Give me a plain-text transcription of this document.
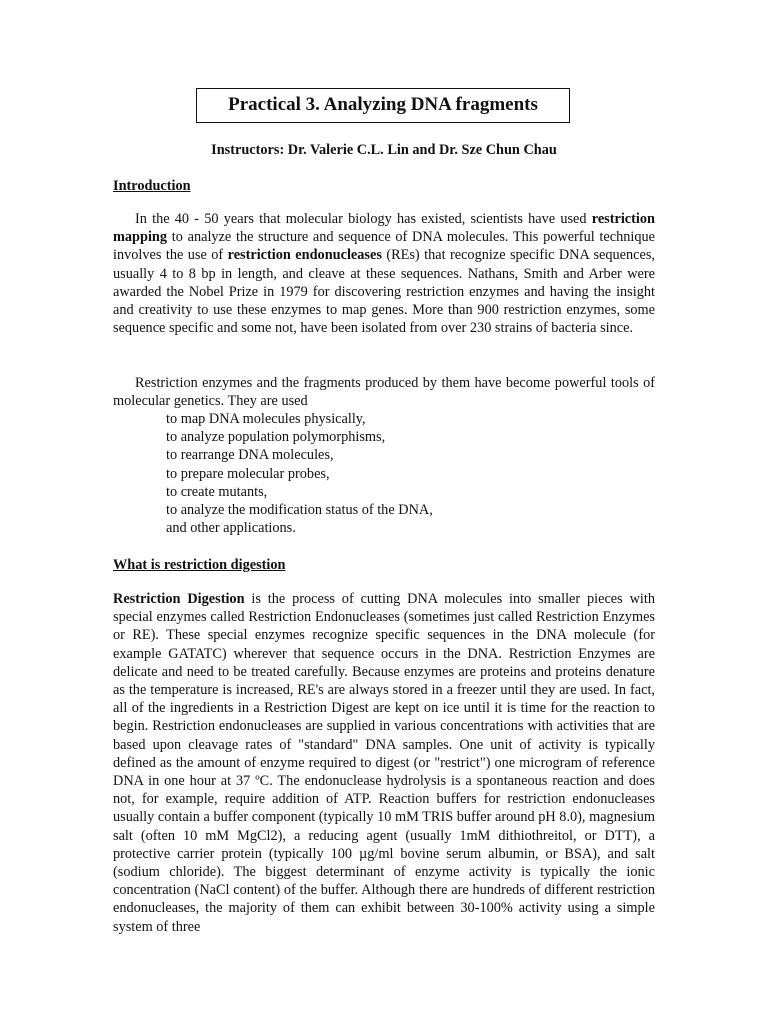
Practical 3. Analyzing DNA fragments
Instructors: Dr. Valerie C.L. Lin and Dr. Sze Chun Chau
Introduction

In the 40 - 50 years that molecular biology has existed, scientists have used restriction mapping to analyze the structure and sequence of DNA molecules. This powerful technique involves the use of restriction endonucleases (REs) that recognize specific DNA sequences, usually 4 to 8 bp in length, and cleave at these sequences. Nathans, Smith and Arber were awarded the Nobel Prize in 1979 for discovering restriction enzymes and having the insight and creativity to use these enzymes to map genes. More than 900 restriction enzymes, some sequence specific and some not, have been isolated from over 230 strains of bacteria since.

Restriction enzymes and the fragments produced by them have become powerful tools of molecular genetics. They are used

to map DNA molecules physically,
to analyze population polymorphisms,
to rearrange DNA molecules,
to prepare molecular probes,
to create mutants,
to analyze the modification status of the DNA,
and other applications.
What is restriction digestion

Restriction Digestion is the process of cutting DNA molecules into smaller pieces with special enzymes called Restriction Endonucleases (sometimes just called Restriction Enzymes or RE). These special enzymes recognize specific sequences in the DNA molecule (for example GATATC) wherever that sequence occurs in the DNA. Restriction Enzymes are delicate and need to be treated carefully. Because enzymes are proteins and proteins denature as the temperature is increased, RE's are always stored in a freezer until they are used. In fact, all of the ingredients in a Restriction Digest are kept on ice until it is time for the reaction to begin. Restriction endonucleases are supplied in various concentrations with activities that are based upon cleavage rates of "standard" DNA samples. One unit of activity is typically defined as the amount of enzyme required to digest (or "restrict") one microgram of reference DNA in one hour at 37 ºC. The endonuclease hydrolysis is a spontaneous reaction and does not, for example, require addition of ATP. Reaction buffers for restriction endonucleases usually contain a buffer component (typically 10 mM TRIS buffer around pH 8.0), magnesium salt (often 10 mM MgCl2), a reducing agent (usually 1mM dithiothreitol, or DTT), a protective carrier protein (typically 100 µg/ml bovine serum albumin, or BSA), and salt (sodium chloride). The biggest determinant of enzyme activity is typically the ionic concentration (NaCl content) of the buffer. Although there are hundreds of different restriction endonucleases, the majority of them can exhibit between 30-100% activity using a simple system of three
